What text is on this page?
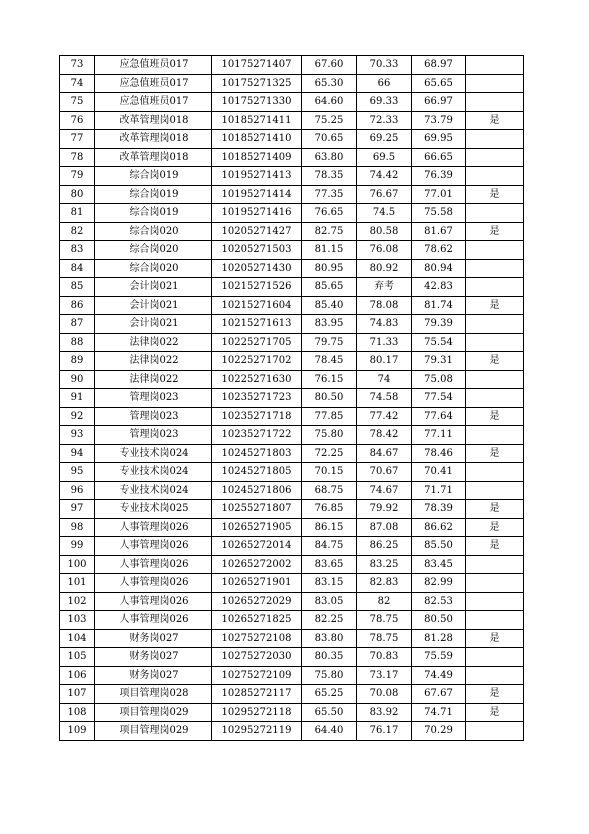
73	应急值班员017	10175271407	67.60	70.33	68.97	
74	应急值班员017	10175271325	65.30	66	65.65	
75	应急值班员017	10175271330	64.60	69.33	66.97	
76	改革管理岗018	10185271411	75.25	72.33	73.79	是
77	改革管理岗018	10185271410	70.65	69.25	69.95	
78	改革管理岗018	10185271409	63.80	69.5	66.65	
79	综合岗019	10195271413	78.35	74.42	76.39	
80	综合岗019	10195271414	77.35	76.67	77.01	是
81	综合岗019	10195271416	76.65	74.5	75.58	
82	综合岗020	10205271427	82.75	80.58	81.67	是
83	综合岗020	10205271503	81.15	76.08	78.62	
84	综合岗020	10205271430	80.95	80.92	80.94	
85	会计岗021	10215271526	85.65	弃考	42.83	
86	会计岗021	10215271604	85.40	78.08	81.74	是
87	会计岗021	10215271613	83.95	74.83	79.39	
88	法律岗022	10225271705	79.75	71.33	75.54	
89	法律岗022	10225271702	78.45	80.17	79.31	是
90	法律岗022	10225271630	76.15	74	75.08	
91	管理岗023	10235271723	80.50	74.58	77.54	
92	管理岗023	10235271718	77.85	77.42	77.64	是
93	管理岗023	10235271722	75.80	78.42	77.11	
94	专业技术岗024	10245271803	72.25	84.67	78.46	是
95	专业技术岗024	10245271805	70.15	70.67	70.41	
96	专业技术岗024	10245271806	68.75	74.67	71.71	
97	专业技术岗025	10255271807	76.85	79.92	78.39	是
98	人事管理岗026	10265271905	86.15	87.08	86.62	是
99	人事管理岗026	10265272014	84.75	86.25	85.50	是
100	人事管理岗026	10265272002	83.65	83.25	83.45	
101	人事管理岗026	10265271901	83.15	82.83	82.99	
102	人事管理岗026	10265272029	83.05	82	82.53	
103	人事管理岗026	10265271825	82.25	78.75	80.50	
104	财务岗027	10275272108	83.80	78.75	81.28	是
105	财务岗027	10275272030	80.35	70.83	75.59	
106	财务岗027	10275272109	75.80	73.17	74.49	
107	项目管理岗028	10285272117	65.25	70.08	67.67	是
108	项目管理岗029	10295272118	65.50	83.92	74.71	是
109	项目管理岗029	10295272119	64.40	76.17	70.29	
